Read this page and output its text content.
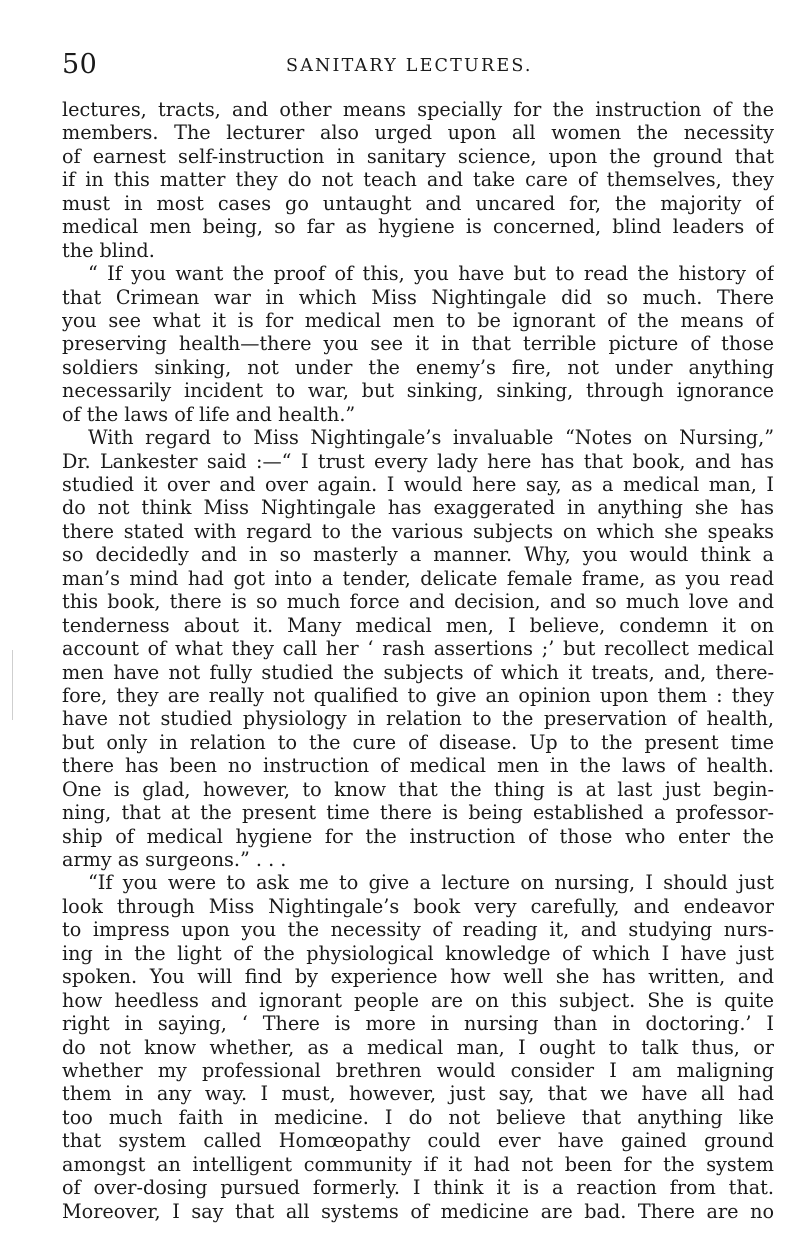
50	SANITARY LECTURES.
lectures, tracts, and other means specially for the instruction of the
members. The lecturer also urged upon all women the necessity
of earnest self-instruction in sanitary science, upon the ground that
if in this matter they do not teach and take care of themselves, they
must in most cases go untaught and uncared for, the majority of
medical men being, so far as hygiene is concerned, blind leaders of
the blind.
“ If you want the proof of this, you have but to read the history of
that Crimean war in which Miss Nightingale did so much. There
you see what it is for medical men to be ignorant of the means of
preserving health—there you see it in that terrible picture of those
soldiers sinking, not under the enemy’s fire, not under anything
necessarily incident to war, but sinking, sinking, through ignorance
of the laws of life and health.”
With regard to Miss Nightingale’s invaluable “Notes on Nursing,”
Dr. Lankester said :—“ I trust every lady here has that book, and has
studied it over and over again. I would here say, as a medical man, I
do not think Miss Nightingale has exaggerated in anything she has
there stated with regard to the various subjects on which she speaks
so decidedly and in so masterly a manner. Why, you would think a
man’s mind had got into a tender, delicate female frame, as you read
this book, there is so much force and decision, and so much love and
tenderness about it. Many medical men, I believe, condemn it on
account of what they call her ‘ rash assertions ;’ but recollect medical
men have not fully studied the subjects of which it treats, and, there-
fore, they are really not qualified to give an opinion upon them : they
have not studied physiology in relation to the preservation of health,
but only in relation to the cure of disease. Up to the present time
there has been no instruction of medical men in the laws of health.
One is glad, however, to know that the thing is at last just begin-
ning, that at the present time there is being established a professor-
ship of medical hygiene for the instruction of those who enter the
army as surgeons.” . . .
“If you were to ask me to give a lecture on nursing, I should just
look through Miss Nightingale’s book very carefully, and endeavor
to impress upon you the necessity of reading it, and studying nurs-
ing in the light of the physiological knowledge of which I have just
spoken. You will find by experience how well she has written, and
how heedless and ignorant people are on this subject. She is quite
right in saying, ‘ There is more in nursing than in doctoring.’ I
do not know whether, as a medical man, I ought to talk thus, or
whether my professional brethren would consider I am maligning
them in any way. I must, however, just say, that we have all had
too much faith in medicine. I do not believe that anything like
that system called Homœopathy could ever have gained ground
amongst an intelligent community if it had not been for the system
of over-dosing pursued formerly. I think it is a reaction from that.
Moreover, I say that all systems of medicine are bad. There are no
